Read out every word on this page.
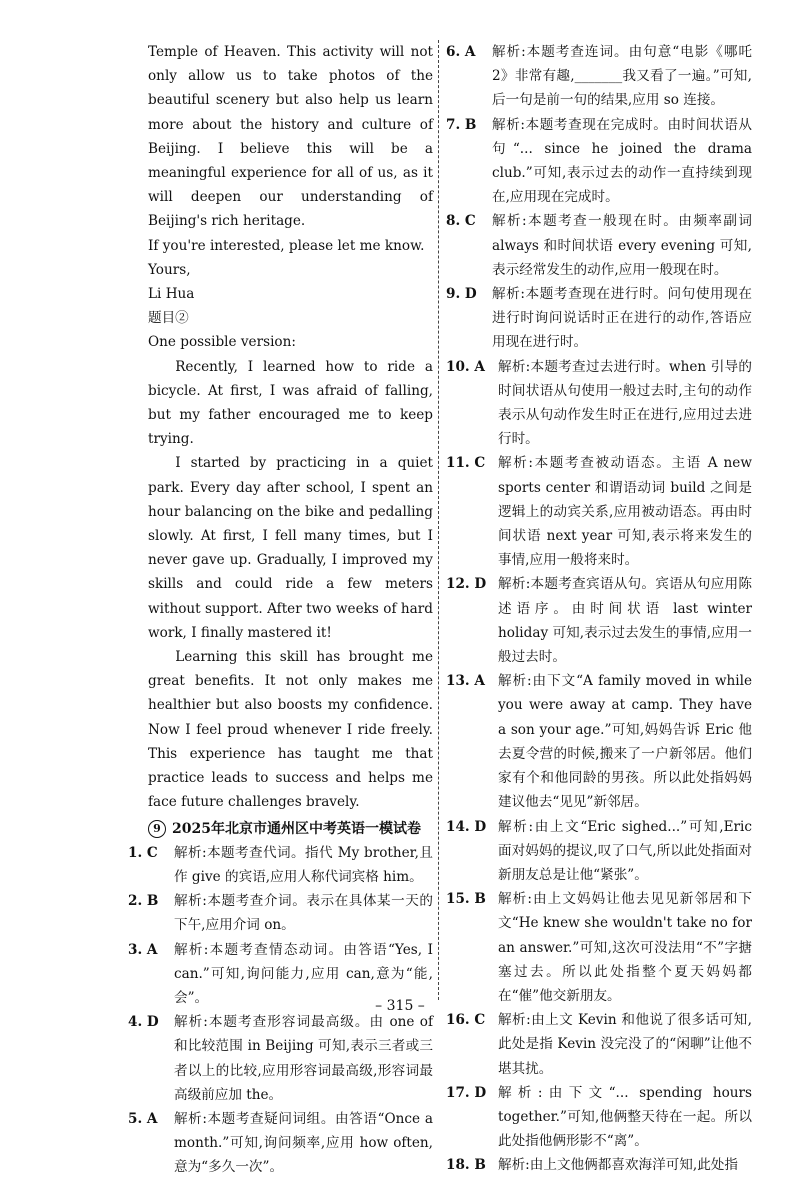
Temple of Heaven. This activity will not only allow us to take photos of the beautiful scenery but also help us learn more about the history and culture of Beijing. I believe this will be a meaningful experience for all of us, as it will deepen our understanding of Beijing's rich heritage.

If you're interested, please let me know.

Yours,

Li Hua

题目②

One possible version:

Recently, I learned how to ride a bicycle. At first, I was afraid of falling, but my father encouraged me to keep trying.

I started by practicing in a quiet park. Every day after school, I spent an hour balancing on the bike and pedalling slowly. At first, I fell many times, but I never gave up. Gradually, I improved my skills and could ride a few meters without support. After two weeks of hard work, I finally mastered it!

Learning this skill has brought me great benefits. It not only makes me healthier but also boosts my confidence. Now I feel proud whenever I ride freely. This experience has taught me that practice leads to success and helps me face future challenges bravely.

9 2025年北京市通州区中考英语一模试卷
1. C	解析:本题考查代词。指代 My brother,且作 give 的宾语,应用人称代词宾格 him。
2. B	解析:本题考查介词。表示在具体某一天的下午,应用介词 on。
3. A	解析:本题考查情态动词。由答语“Yes, I can.”可知,询问能力,应用 can,意为“能,会”。
4. D	解析:本题考查形容词最高级。由 one of 和比较范围 in Beijing 可知,表示三者或三者以上的比较,应用形容词最高级,形容词最高级前应加 the。
5. A	解析:本题考查疑问词组。由答语“Once a month.”可知,询问频率,应用 how often,意为“多久一次”。
6. A	解析:本题考查连词。由句意“电影《哪吒 2》非常有趣,_______我又看了一遍。”可知,后一句是前一句的结果,应用 so 连接。
7. B	解析:本题考查现在完成时。由时间状语从句“... since he joined the drama club.”可知,表示过去的动作一直持续到现在,应用现在完成时。
8. C	解析:本题考查一般现在时。由频率副词 always 和时间状语 every evening 可知,表示经常发生的动作,应用一般现在时。
9. D	解析:本题考查现在进行时。问句使用现在进行时询问说话时正在进行的动作,答语应用现在进行时。
10. A 解析:本题考查过去进行时。when 引导的时间状语从句使用一般过去时,主句的动作表示从句动作发生时正在进行,应用过去进行时。
11. C 解析:本题考查被动语态。主语 A new sports center 和谓语动词 build 之间是逻辑上的动宾关系,应用被动语态。再由时间状语 next year 可知,表示将来发生的事情,应用一般将来时。
12. D 解析:本题考查宾语从句。宾语从句应用陈述语序。由时间状语 last winter holiday 可知,表示过去发生的事情,应用一般过去时。
13. A 解析:由下文“A family moved in while you were away at camp. They have a son your age.”可知,妈妈告诉 Eric 他去夏令营的时候,搬来了一户新邻居。他们家有个和他同龄的男孩。所以此处指妈妈建议他去“见见”新邻居。
14. D 解析:由上文“Eric sighed...”可知,Eric 面对妈妈的提议,叹了口气,所以此处指面对新朋友总是让他“紧张”。
15. B 解析:由上文妈妈让他去见见新邻居和下文“He knew she wouldn't take no for an answer.”可知,这次可没法用“不”字搪塞过去。所以此处指整个夏天妈妈都在“催”他交新朋友。
16. C 解析:由上文 Kevin 和他说了很多话可知,此处是指 Kevin 没完没了的“闲聊”让他不堪其扰。
17. D 解析:由下文“... spending hours together.”可知,他俩整天待在一起。所以此处指他俩形影不“离”。
18. B 解析:由上文他俩都喜欢海洋可知,此处指
– 315 –
